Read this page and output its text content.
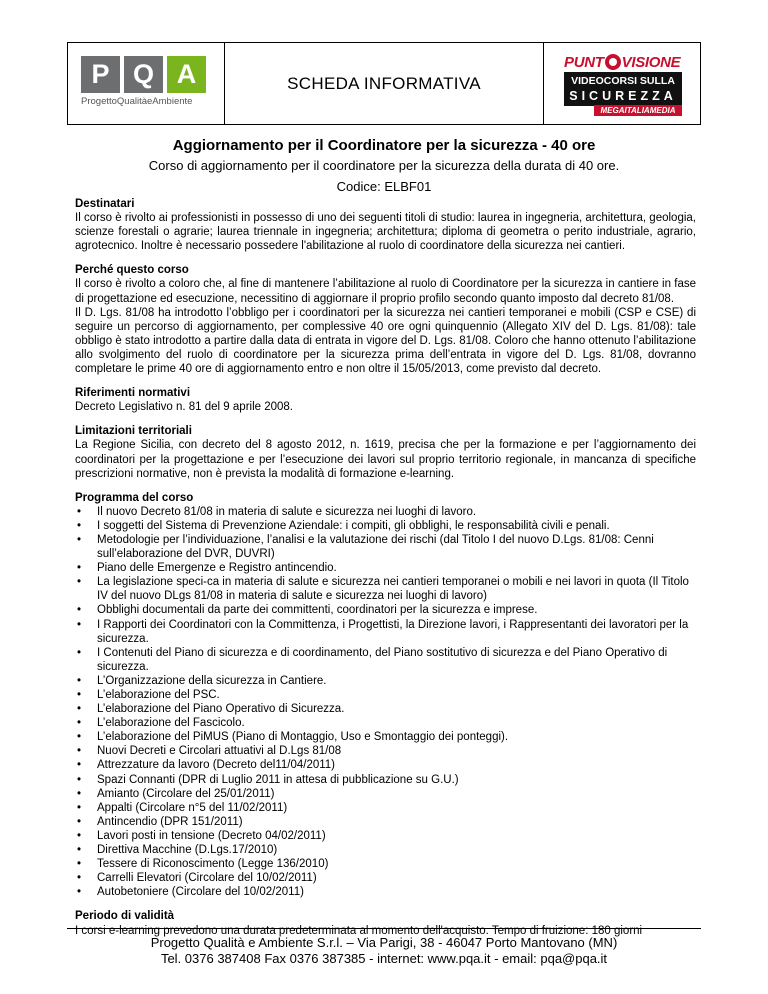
P Q A
ProgettoQualitàeAmbiente
SCHEDA INFORMATIVA
PUNT VISIONE
VIDEOCORSI SULLA
SICUREZZA
MEGAITALIAMEDIA
Aggiornamento per il Coordinatore per la sicurezza - 40 ore
Corso di aggiornamento per il coordinatore per la sicurezza della durata di 40 ore.
Codice: ELBF01

Destinatari

Il corso è rivolto ai professionisti in possesso di uno dei seguenti titoli di studio: laurea in ingegneria, architettura, geologia, scienze forestali o agrarie; laurea triennale in ingegneria; architettura; diploma di geometra o perito industriale, agrario, agrotecnico. Inoltre è necessario possedere l'abilitazione al ruolo di coordinatore della sicurezza nei cantieri.

Perché questo corso

Il corso è rivolto a coloro che, al fine di mantenere l’abilitazione al ruolo di Coordinatore per la sicurezza in cantiere in fase di progettazione ed esecuzione, necessitino di aggiornare il proprio profilo secondo quanto imposto dal decreto 81/08.

Il D. Lgs. 81/08 ha introdotto l’obbligo per i coordinatori per la sicurezza nei cantieri temporanei e mobili (CSP e CSE) di seguire un percorso di aggiornamento, per complessive 40 ore ogni quinquennio (Allegato XIV del D. Lgs. 81/08): tale obbligo è stato introdotto a partire dalla data di entrata in vigore del D. Lgs. 81/08. Coloro che hanno ottenuto l’abilitazione allo svolgimento del ruolo di coordinatore per la sicurezza prima dell’entrata in vigore del D. Lgs. 81/08, dovranno completare le prime 40 ore di aggiornamento entro e non oltre il 15/05/2013, come previsto dal decreto.

Riferimenti normativi

Decreto Legislativo n. 81 del 9 aprile 2008.

Limitazioni territoriali

La Regione Sicilia, con decreto del 8 agosto 2012, n. 1619, precisa che per la formazione e per l’aggiornamento dei coordinatori per la progettazione e per l’esecuzione dei lavori sul proprio territorio regionale, in mancanza di specifiche prescrizioni normative, non è prevista la modalità di formazione e-learning.

Programma del corso

• Il nuovo Decreto 81/08 in materia di salute e sicurezza nei luoghi di lavoro.
• I soggetti del Sistema di Prevenzione Aziendale: i compiti, gli obblighi, le responsabilità civili e penali.
• Metodologie per l’individuazione, l’analisi e la valutazione dei rischi (dal Titolo I del nuovo D.Lgs. 81/08: Cenni sull’elaborazione del DVR, DUVRI)
• Piano delle Emergenze e Registro antincendio.
• La legislazione speci-ca in materia di salute e sicurezza nei cantieri temporanei o mobili e nei lavori in quota (Il Titolo IV del nuovo DLgs 81/08 in materia di salute e sicurezza nei luoghi di lavoro)
• Obblighi documentali da parte dei committenti, coordinatori per la sicurezza e imprese.
• I Rapporti dei Coordinatori con la Committenza, i Progettisti, la Direzione lavori, i Rappresentanti dei lavoratori per la sicurezza.
• I Contenuti del Piano di sicurezza e di coordinamento, del Piano sostitutivo di sicurezza e del Piano Operativo di sicurezza.
• L’Organizzazione della sicurezza in Cantiere.
• L’elaborazione del PSC.
• L’elaborazione del Piano Operativo di Sicurezza.
• L’elaborazione del Fascicolo.
• L’elaborazione del PiMUS (Piano di Montaggio, Uso e Smontaggio dei ponteggi).
• Nuovi Decreti e Circolari attuativi al D.Lgs 81/08
• Attrezzature da lavoro (Decreto del11/04/2011)
• Spazi Connanti (DPR di Luglio 2011 in attesa di pubblicazione su G.U.)
• Amianto (Circolare del 25/01/2011)
• Appalti (Circolare n°5 del 11/02/2011)
• Antincendio (DPR 151/2011)
• Lavori posti in tensione (Decreto 04/02/2011)
• Direttiva Macchine (D.Lgs.17/2010)
• Tessere di Riconoscimento (Legge 136/2010)
• Carrelli Elevatori (Circolare del 10/02/2011)
• Autobetoniere (Circolare del 10/02/2011)

Periodo di validità

I corsi e-learning prevedono una durata predeterminata al momento dell'acquisto. Tempo di fruizione: 180 giorni

Progetto Qualità e Ambiente S.r.l. – Via Parigi, 38 - 46047 Porto Mantovano (MN)
Tel. 0376 387408 Fax 0376 387385 - internet: www.pqa.it - email: pqa@pqa.it
